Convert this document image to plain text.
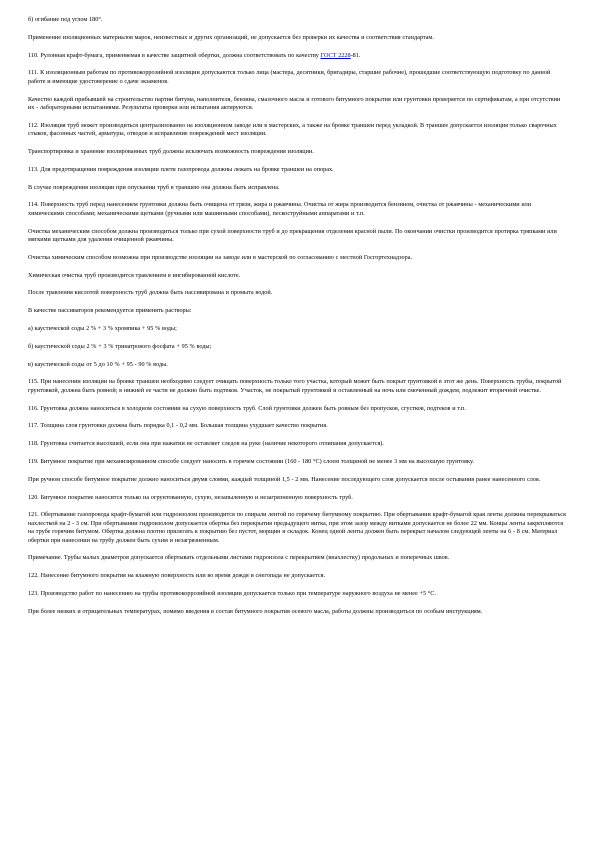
б) огибание под углом 180°.

Применение изоляционных материалов марок, неизвестных и других организаций, не допускается без проверки их качества и соответствия стандартам.

110. Рулонная крафт-бумага, применяемая в качестве защитной обертки, должна соответствовать по качеству ГОСТ 2228-81.

111. К изоляционным работам по противокоррозийной изоляции допускаются только лица (мастера, десятники, бригадиры, старшие рабочие), прошедшие соответствующую подготовку по данной работе и имеющие удостоверение о сдаче экзаменов.

Качество каждой прибывшей на строительство партии битума, наполнителя, бензина, смазочного масла и готового битумного покрытия или грунтовки проверяется по сертификатам, а при отсутствии их - лабораторными испытаниями. Результаты проверки или испытания актируются.

112. Изоляция труб может производиться централизованно на изоляционном заводе или в мастерских, а также на бровке траншеи перед укладкой. В траншее допускается изоляция только сварочных стыков, фасонных частей, арматуры, отводов и исправление повреждений мест изоляции.

Транспортировка и хранение изолированных труб должны исключать возможность повреждения изоляции.

113. Для предотвращения повреждения изоляции плети газопровода должны лежать на бровке траншеи на опорах.

В случае повреждения изоляции при опускании труб в траншею она должна быть исправлена.

114. Поверхность труб перед нанесением грунтовки должна быть очищена от грязи, жира и ржавчины. Очистка от жира производится бензином, очистка от ржавчины - механическими или химическими способами; механическими щетками (ручными или машинными способами), пескоструйными аппаратами и т.п.

Очистка механическим способом должна производиться только при сухой поверхности труб и до прекращения отделения красной пыли. По окончании очистки производится протирка тряпками или мягкими щетками для удаления очищенной ржавчины.

Очистка химическим способом возможна при производстве изоляции на заводе или в мастерской по согласованию с местной Госгортехнадзора.

Химическая очистка труб производится травлением в ингибированной кислоте.

После травления кислотой поверхность труб должна быть пассивирована и промыта водой.

В качестве пассиваторов рекомендуется применять растворы:

а) каустической соды 2 % + 3 % хромпика + 95 % воды;

б) каустической соды 2 % + 3 % тринатрового фосфата + 95 % воды;

в) каустической соды от 5 до 10 % + 95 - 90 % воды.

115. При нанесении изоляции на бровке траншеи необходимо следует очищать поверхность только того участка, который может быть покрыт грунтовкой в этот же день. Поверхность трубы, покрытой грунтовкой, должна быть ровной; в нижней ее части не должно быть подтеков. Участок, не покрытый грунтовкой и оставленный на ночь или смоченный дождем, подлежит вторичной очистке.

116. Грунтовка должна наноситься в холодном состоянии на сухую поверхность труб. Слой грунтовки должен быть ровным без пропусков, сгустков, подтеков и т.п.

117. Толщина слоя грунтовки должна быть порядка 0,1 - 0,2 мм. Большая толщина ухудшает качество покрытия.

118. Грунтовка считается высохшей, если она при нажатии не оставляет следов на руке (наличие некоторого отлипания допускается).

119. Битумное покрытие при механизированном способе следует наносить в горячем состоянии (160 - 180 °C) слоем толщиной не менее 3 мм на высохшую грунтовку.

При ручном способе битумное покрытие должно наноситься двумя слоями, каждый толщиной 1,5 - 2 мм. Нанесение последующего слоя допускается после остывания ранее нанесенного слоя.

120. Битумное покрытие наносится только на огрунтованную, сухую, незапыленную и незагрязненную поверхность труб.

121. Обертывание газопровода крафт-бумагой или гидроизолом производится по спирали лентой по горячему битумному покрытию. При обертывании крафт-бумагой края ленты должны перекрываться нахлесткой на 2 - 3 см. При обертывании гидроизолом допускается обертка без перекрытия предыдущего витка, при этом зазор между витками допускается не более 22 мм. Концы ленты закрепляются на трубе горячим битумом. Обертка должна плотно прилегать к покрытию без пустот, морщин и складок. Конец одной ленты должен быть перекрыт началом следующей ленты на 6 - 8 см. Материал обертки при нанесении на трубу должен быть сухим и незагрязненным.

Примечание. Трубы малых диаметров допускается обертывать отдельными листами гидроизола с перекрытием (внахлестку) продольных и поперечных швов.

122. Нанесение битумного покрытия на влажную поверхность или во время дождя и снегопада не допускается.

123. Производство работ по нанесению на трубы противокоррозийной изоляции допускается только при температуре наружного воздуха не менее +5 °C.

При более низких и отрицательных температурах, помимо введения в состав битумного покрытия осевого масла, работы должны производиться по особым инструкциям.
